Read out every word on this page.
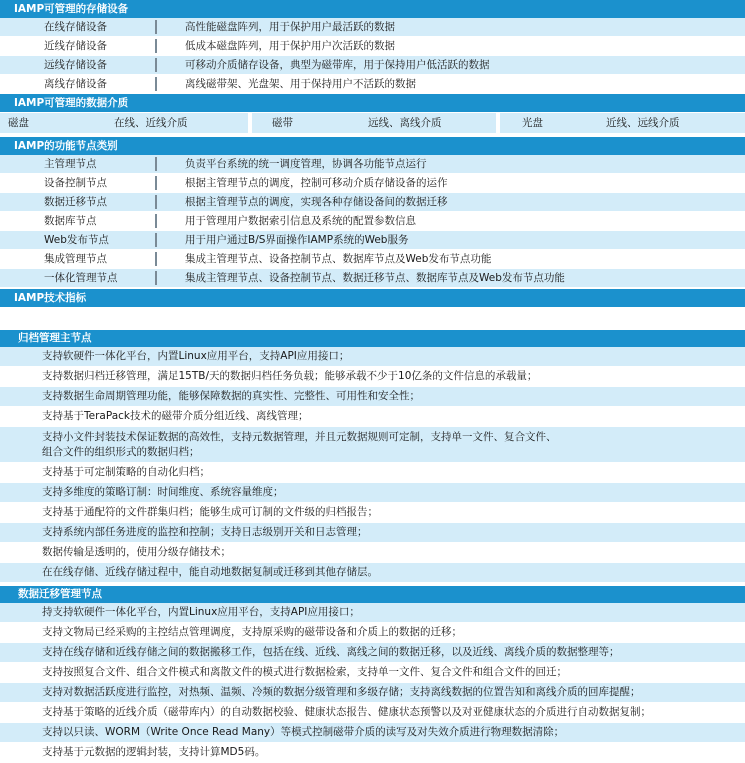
IAMP可管理的存储设备
在线存储设备	高性能磁盘阵列，用于保护用户最活跃的数据
近线存储设备	低成本磁盘阵列，用于保护用户次活跃的数据
远线存储设备	可移动介质储存设备，典型为磁带库，用于保持用户低活跃的数据
离线存储设备	离线磁带架、光盘架、用于保持用户不活跃的数据
IAMP可管理的数据介质
磁盘	在线、近线介质	磁带	远线、离线介质	光盘	近线、远线介质
IAMP的功能节点类别
主管理节点	负责平台系统的统一调度管理，协调各功能节点运行
设备控制节点	根据主管理节点的调度，控制可移动介质存储设备的运作
数据迁移节点	根据主管理节点的调度，实现各种存储设备间的数据迁移
数据库节点	用于管理用户数据索引信息及系统的配置参数信息
Web发布节点	用于用户通过B/S界面操作IAMP系统的Web服务
集成管理节点	集成主管理节点、设备控制节点、数据库节点及Web发布节点功能
一体化管理节点	集成主管理节点、设备控制节点、数据迁移节点、数据库节点及Web发布节点功能
IAMP技术指标
归档管理主节点
支持软硬件一体化平台，内置Linux应用平台，支持API应用接口；
支持数据归档迁移管理，满足15TB/天的数据归档任务负载；能够承载不少于10亿条的文件信息的承载量；
支持数据生命周期管理功能，能够保障数据的真实性、完整性、可用性和安全性；
支持基于TeraPack技术的磁带介质分组近线、离线管理；
支持小文件封装技术保证数据的高效性，支持元数据管理，并且元数据规则可定制，支持单一文件、复合文件、
组合文件的组织形式的数据归档；
支持基于可定制策略的自动化归档；
支持多维度的策略订制：时间维度、系统容量维度；
支持基于通配符的文件群集归档；能够生成可订制的文件级的归档报告；
支持系统内部任务进度的监控和控制；支持日志级别开关和日志管理；
数据传输是透明的，使用分级存储技术；
在在线存储、近线存储过程中，能自动地数据复制或迁移到其他存储层。
数据迁移管理节点
持支持软硬件一体化平台，内置Linux应用平台，支持API应用接口；
支持文物局已经采购的主控结点管理调度，支持原采购的磁带设备和介质上的数据的迁移；
支持在线存储和近线存储之间的数据搬移工作，包括在线、近线、离线之间的数据迁移，以及近线、离线介质的数据整理等；
支持按照复合文件、组合文件模式和离散文件的模式进行数据检索，支持单一文件、复合文件和组合文件的回迁；
支持对数据活跃度进行监控，对热频、温频、冷频的数据分级管理和多级存储；支持离线数据的位置告知和离线介质的回库提醒；
支持基于策略的近线介质（磁带库内）的自动数据校验、健康状态报告、健康状态预警以及对亚健康状态的介质进行自动数据复制；
支持以只读、WORM（Write Once Read Many）等模式控制磁带介质的读写及对失效介质进行物理数据清除；
支持基于元数据的逻辑封装，支持计算MD5码。
